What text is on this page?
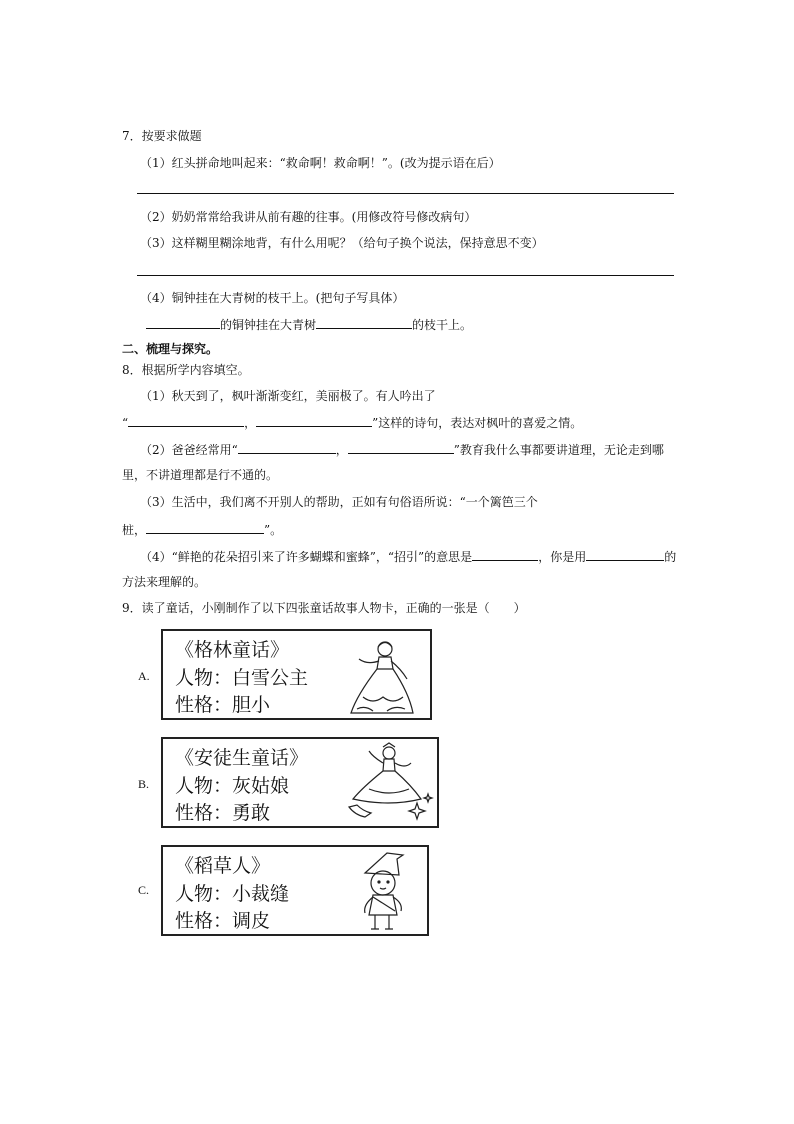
7．按要求做题
（1）红头拼命地叫起来：“救命啊！救命啊！”。(改为提示语在后）
（2）奶奶常常给我讲从前有趣的往事。(用修改符号修改病句）
（3）这样糊里糊涂地背，有什么用呢？（给句子换个说法，保持意思不变）
（4）铜钟挂在大青树的枝干上。(把句子写具体）
的铜钟挂在大青树	的枝干上。
二、梳理与探究。
8．根据所学内容填空。
（1）秋天到了，枫叶渐渐变红，美丽极了。有人吟出了
“	，	”这样的诗句，表达对枫叶的喜爱之情。
（2）爸爸经常用“	，	”教育我什么事都要讲道理，无论走到哪
里，不讲道理都是行不通的。
（3）生活中，我们离不开别人的帮助，正如有句俗语所说：“一个篱笆三个
桩，	”。
（4）“鲜艳的花朵招引来了许多蝴蝶和蜜蜂”，“招引”的意思是	，你是用	的
方法来理解的。
9．读了童话，小刚制作了以下四张童话故事人物卡，正确的一张是（　　）
A.
《格林童话》
人物：白雪公主
性格：胆小
B.
《安徒生童话》
人物：灰姑娘
性格：勇敢
C.
《稻草人》
人物：小裁缝
性格：调皮
